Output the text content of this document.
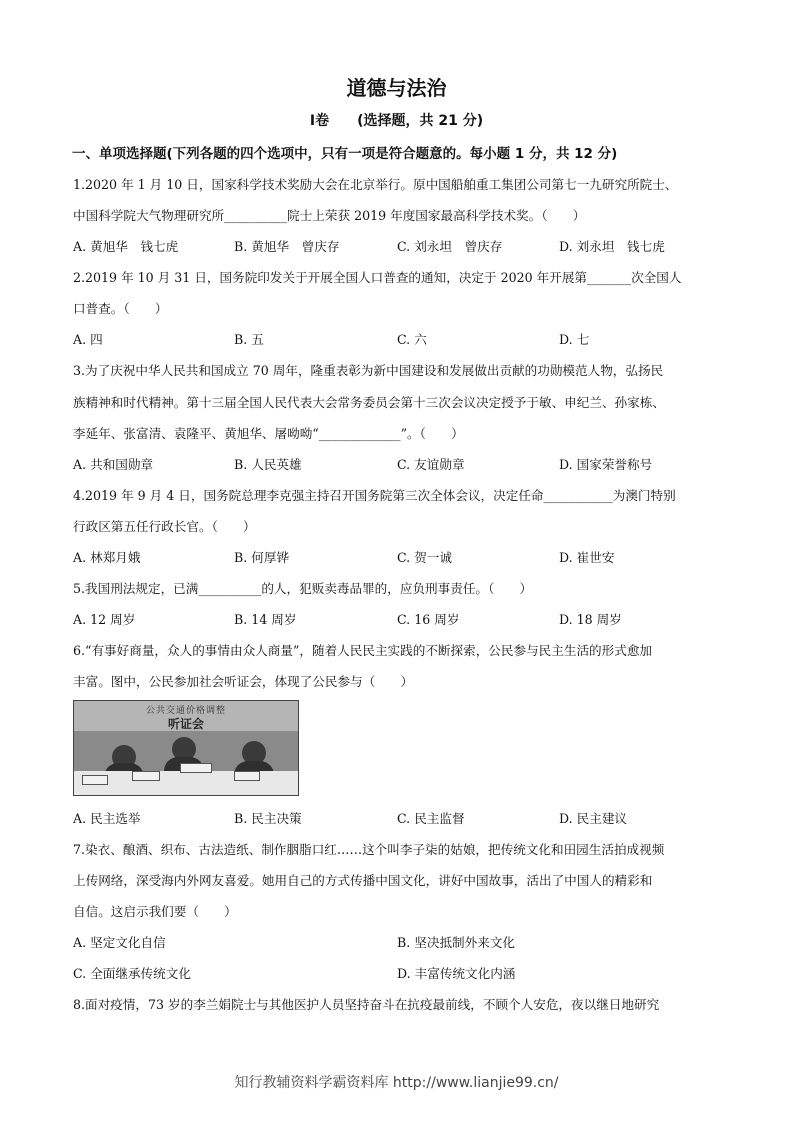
道德与法治
Ⅰ卷　　(选择题，共 21 分)
一、单项选择题(下列各题的四个选项中，只有一项是符合题意的。每小题 1 分，共 12 分)
1.2020 年 1 月 10 日，国家科学技术奖励大会在北京举行。原中国船舶重工集团公司第七一九研究所院士、
中国科学院大气物理研究所__________院士上荣获 2019 年度国家最高科学技术奖。（　　）
A. 黄旭华　钱七虎	B. 黄旭华　曾庆存	C. 刘永坦　曾庆存	D. 刘永坦　钱七虎
2.2019 年 10 月 31 日，国务院印发关于开展全国人口普查的通知，决定于 2020 年开展第_______次全国人
口普查。（　　）
A. 四	B. 五	C. 六	D. 七
3.为了庆祝中华人民共和国成立 70 周年，隆重表彰为新中国建设和发展做出贡献的功勋模范人物，弘扬民
族精神和时代精神。第十三届全国人民代表大会常务委员会第十三次会议决定授予于敏、申纪兰、孙家栋、
李延年、张富清、袁隆平、黄旭华、屠呦呦“_____________”。（　　）
A. 共和国勋章	B. 人民英雄	C. 友谊勋章	D. 国家荣誉称号
4.2019 年 9 月 4 日，国务院总理李克强主持召开国务院第三次全体会议，决定任命___________为澳门特别
行政区第五任行政长官。（　　）
A. 林郑月娥	B. 何厚铧	C. 贺一诚	D. 崔世安
5.我国刑法规定，已满__________的人，犯贩卖毒品罪的，应负刑事责任。（　　）
A. 12 周岁	B. 14 周岁	C. 16 周岁	D. 18 周岁
6.“有事好商量，众人的事情由众人商量”，随着人民民主实践的不断探索，公民参与民主生活的形式愈加
丰富。图中，公民参加社会听证会，体现了公民参与（　　）
公共交通价格调整
听证会
A. 民主选举	B. 民主决策	C. 民主监督	D. 民主建议
7.染衣、酿酒、织布、古法造纸、制作胭脂口红……这个叫李子柒的姑娘，把传统文化和田园生活拍成视频
上传网络，深受海内外网友喜爱。她用自己的方式传播中国文化，讲好中国故事，活出了中国人的精彩和
自信。这启示我们要（　　）
A. 坚定文化自信	B. 坚决抵制外来文化
C. 全面继承传统文化	D. 丰富传统文化内涵
8.面对疫情，73 岁的李兰娟院士与其他医护人员坚持奋斗在抗疫最前线，不顾个人安危，夜以继日地研究
知行教辅资料学霸资料库 http://www.lianjie99.cn/
